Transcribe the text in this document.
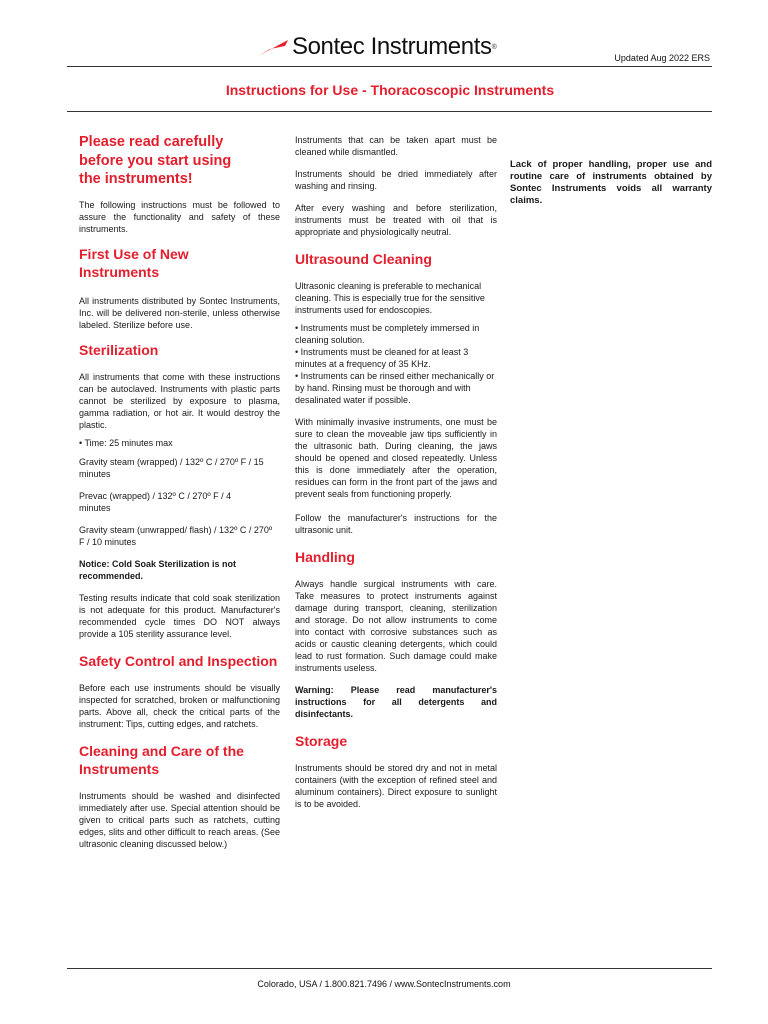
Sontec Instruments ®
Updated Aug 2022 ERS
Instructions for Use - Thoracoscopic Instruments
Please read carefully before you start using the instruments!
The following instructions must be followed to assure the functionality and safety of these instruments.
First Use of New Instruments
All instruments distributed by Sontec Instruments, Inc. will be delivered non-sterile, unless otherwise labeled. Sterilize before use.
Sterilization
All instruments that come with these instructions can be autoclaved. Instruments with plastic parts cannot be sterilized by exposure to plasma, gamma radiation, or hot air. It would destroy the plastic.
• Time: 25 minutes max
Gravity steam (wrapped) / 132º C / 270º F / 15 minutes
Prevac (wrapped) / 132º C / 270º F / 4 minutes
Gravity steam (unwrapped/ flash) / 132º C / 270º F / 10 minutes
Notice: Cold Soak Sterilization is not recommended.
Testing results indicate that cold soak sterilization is not adequate for this product. Manufacturer's recommended cycle times DO NOT always provide a 105 sterility assurance level.
Safety Control and Inspection
Before each use instruments should be visually inspected for scratched, broken or malfunctioning parts. Above all, check the critical parts of the instrument: Tips, cutting edges, and ratchets.
Cleaning and Care of the Instruments
Instruments should be washed and disinfected immediately after use. Special attention should be given to critical parts such as ratchets, cutting edges, slits and other difficult to reach areas. (See ultrasonic cleaning discussed below.)
Instruments that can be taken apart must be cleaned while dismantled.
Instruments should be dried immediately after washing and rinsing.
After every washing and before sterilization, instruments must be treated with oil that is appropriate and physiologically neutral.
Ultrasound Cleaning
Ultrasonic cleaning is preferable to mechanical cleaning. This is especially true for the sensitive instruments used for endoscopies.
• Instruments must be completely immersed in cleaning solution.
• Instruments must be cleaned for at least 3 minutes at a frequency of 35 KHz.
• Instruments can be rinsed either mechanically or by hand. Rinsing must be thorough and with desalinated water if possible.
With minimally invasive instruments, one must be sure to clean the moveable jaw tips sufficiently in the ultrasonic bath. During cleaning, the jaws should be opened and closed repeatedly. Unless this is done immediately after the operation, residues can form in the front part of the jaws and prevent seals from functioning properly.
Follow the manufacturer's instructions for the ultrasonic unit.
Handling
Always handle surgical instruments with care. Take measures to protect instruments against damage during transport, cleaning, sterilization and storage. Do not allow instruments to come into contact with corrosive substances such as acids or caustic cleaning detergents, which could lead to rust formation. Such damage could make instruments useless.
Warning: Please read manufacturer's instructions for all detergents and disinfectants.
Storage
Instruments should be stored dry and not in metal containers (with the exception of refined steel and aluminum containers). Direct exposure to sunlight is to be avoided.
Lack of proper handling, proper use and routine care of instruments obtained by Sontec Instruments voids all warranty claims.
Colorado, USA / 1.800.821.7496 / www.SontecInstruments.com
